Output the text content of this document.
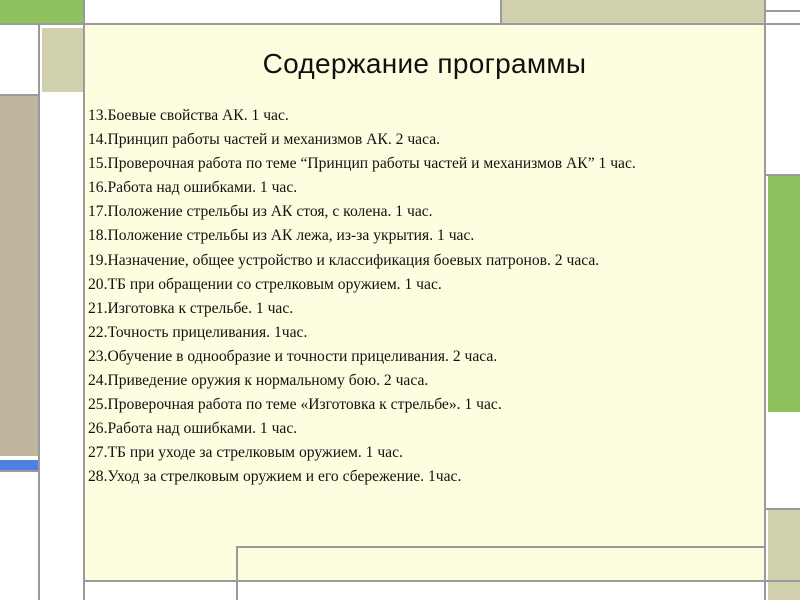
Содержание программы
13.Боевые свойства АК. 1 час.
14.Принцип работы частей и механизмов АК. 2 часа.
15.Проверочная работа по теме “Принцип работы частей и механизмов АК” 1 час.
16.Работа над ошибками. 1 час.
17.Положение стрельбы из АК стоя, с колена. 1 час.
18.Положение стрельбы из АК лежа, из-за укрытия. 1 час.
19.Назначение, общее устройство и классификация боевых патронов. 2 часа.
20.ТБ при обращении со стрелковым оружием. 1 час.
21.Изготовка к стрельбе. 1 час.
22.Точность прицеливания. 1час.
23.Обучение в однообразие и точности прицеливания. 2 часа.
24.Приведение оружия к нормальному бою. 2 часа.
25.Проверочная работа по теме «Изготовка к стрельбе». 1 час.
26.Работа над ошибками. 1 час.
27.ТБ при уходе за стрелковым оружием. 1 час.
28.Уход за стрелковым оружием и его сбережение. 1час.
